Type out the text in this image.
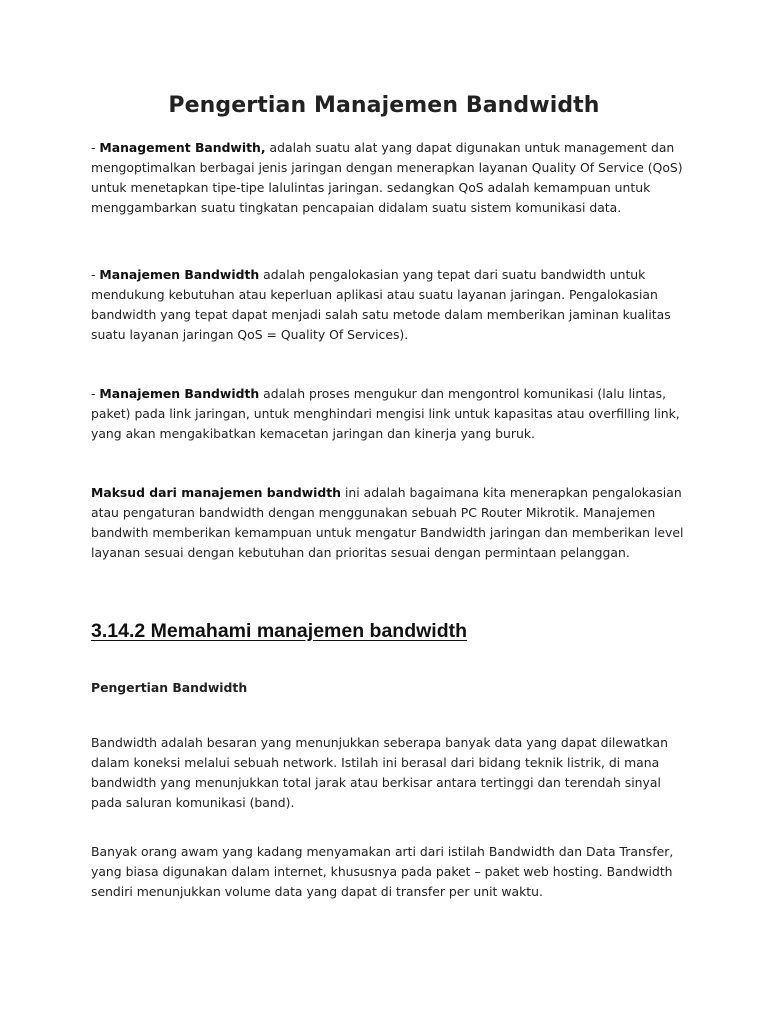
Pengertian Manajemen Bandwidth

- Management Bandwith, adalah suatu alat yang dapat digunakan untuk management dan mengoptimalkan berbagai jenis jaringan dengan menerapkan layanan Quality Of Service (QoS) untuk menetapkan tipe-tipe lalulintas jaringan. sedangkan QoS adalah kemampuan untuk menggambarkan suatu tingkatan pencapaian didalam suatu sistem komunikasi data.

- Manajemen Bandwidth adalah pengalokasian yang tepat dari suatu bandwidth untuk mendukung kebutuhan atau keperluan aplikasi atau suatu layanan jaringan. Pengalokasian bandwidth yang tepat dapat menjadi salah satu metode dalam memberikan jaminan kualitas suatu layanan jaringan QoS = Quality Of Services).

- Manajemen Bandwidth adalah proses mengukur dan mengontrol komunikasi (lalu lintas, paket) pada link jaringan, untuk menghindari mengisi link untuk kapasitas atau overfilling link, yang akan mengakibatkan kemacetan jaringan dan kinerja yang buruk.

Maksud dari manajemen bandwidth ini adalah bagaimana kita menerapkan pengalokasian atau pengaturan bandwidth dengan menggunakan sebuah PC Router Mikrotik. Manajemen bandwith memberikan kemampuan untuk mengatur Bandwidth jaringan dan memberikan level layanan sesuai dengan kebutuhan dan prioritas sesuai dengan permintaan pelanggan.

3.14.2 Memahami manajemen bandwidth
Pengertian Bandwidth

Bandwidth adalah besaran yang menunjukkan seberapa banyak data yang dapat dilewatkan dalam koneksi melalui sebuah network. Istilah ini berasal dari bidang teknik listrik, di mana bandwidth yang menunjukkan total jarak atau berkisar antara tertinggi dan terendah sinyal pada saluran komunikasi (band).

Banyak orang awam yang kadang menyamakan arti dari istilah Bandwidth dan Data Transfer, yang biasa digunakan dalam internet, khususnya pada paket – paket web hosting. Bandwidth sendiri menunjukkan volume data yang dapat di transfer per unit waktu.
